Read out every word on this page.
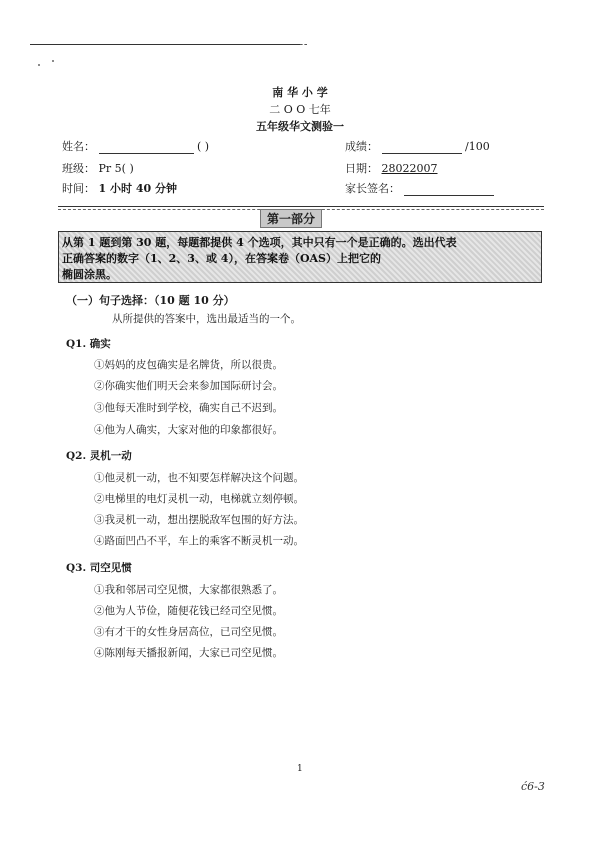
南 华 小 学
二 O O 七年
五年级华文测验一
姓名：	( )	成绩：	/100
班级： Pr 5( )	日期： 28022007
时间： 1 小时 40 分钟	家长签名：
第一部分
从第 1 题到第 30 题，每题都提供 4 个选项，其中只有一个是正确的。选出代表
正确答案的数字（1、2、3、或 4），在答案卷（OAS）上把它的
椭圆涂黑。
（一）句子选择：（10 题 10 分）
从所提供的答案中，选出最适当的一个。
Q1. 确实
①妈妈的皮包确实是名牌货，所以很贵。
②你确实他们明天会来参加国际研讨会。
③他每天准时到学校，确实自己不迟到。
④他为人确实，大家对他的印象都很好。
Q2. 灵机一动
①他灵机一动，也不知要怎样解决这个问题。
②电梯里的电灯灵机一动，电梯就立刻停顿。
③我灵机一动，想出摆脱敌军包围的好方法。
④路面凹凸不平，车上的乘客不断灵机一动。
Q3. 司空见惯
①我和邻居司空见惯，大家都很熟悉了。
②他为人节俭，随便花钱已经司空见惯。
③有才干的女性身居高位，已司空见惯。
④陈刚每天播报新闻，大家已司空见惯。
1
ć6-3
